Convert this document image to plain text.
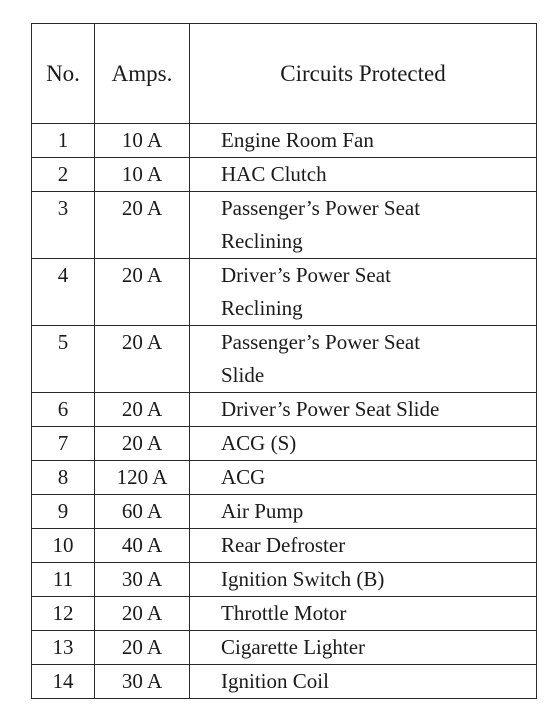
No.	Amps.	Circuits Protected
1	10 A	Engine Room Fan
2	10 A	HAC Clutch
3	20 A	Passenger’s Power Seat
Reclining
4	20 A	Driver’s Power Seat
Reclining
5	20 A	Passenger’s Power Seat
Slide
6	20 A	Driver’s Power Seat Slide
7	20 A	ACG (S)
8	120 A	ACG
9	60 A	Air Pump
10	40 A	Rear Defroster
11	30 A	Ignition Switch (B)
12	20 A	Throttle Motor
13	20 A	Cigarette Lighter
14	30 A	Ignition Coil
